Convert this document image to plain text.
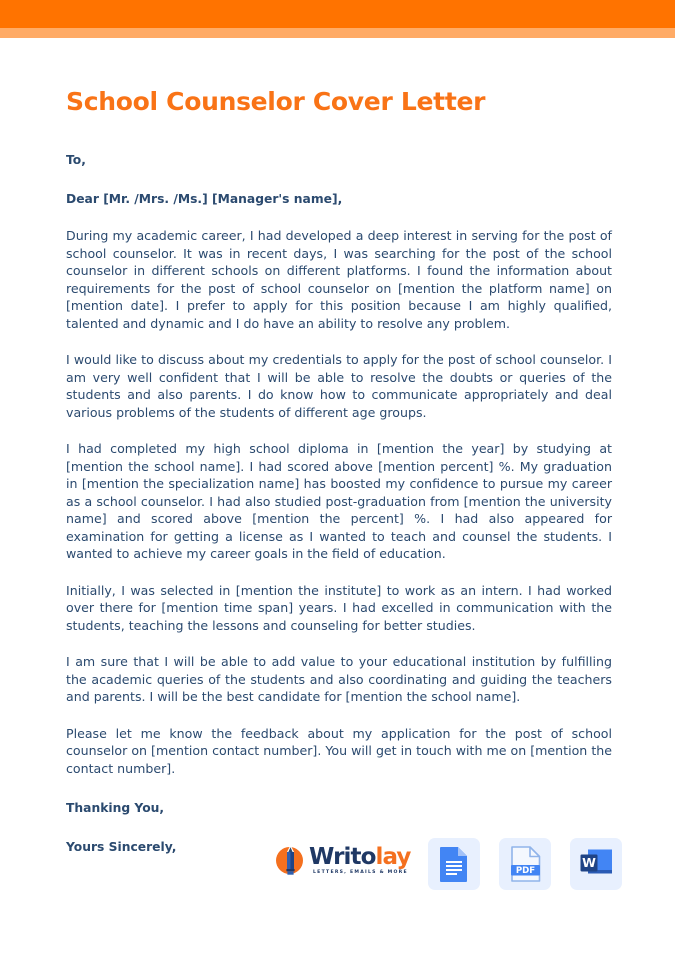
School Counselor Cover Letter
To,
Dear [Mr. /Mrs. /Ms.] [Manager's name],
During my academic career, I had developed a deep interest in serving for the post of school counselor. It was in recent days, I was searching for the post of the school counselor in different schools on different platforms. I found the information about requirements for the post of school counselor on [mention the platform name] on [mention date]. I prefer to apply for this position because I am highly qualified, talented and dynamic and I do have an ability to resolve any problem.
I would like to discuss about my credentials to apply for the post of school counselor. I am very well confident that I will be able to resolve the doubts or queries of the students and also parents. I do know how to communicate appropriately and deal various problems of the students of different age groups.
I had completed my high school diploma in [mention the year] by studying at [mention the school name]. I had scored above [mention percent] %. My graduation in [mention the specialization name] has boosted my confidence to pursue my career as a school counselor. I had also studied post-graduation from [mention the university name] and scored above [mention the percent] %. I had also appeared for examination for getting a license as I wanted to teach and counsel the students. I wanted to achieve my career goals in the field of education.
Initially, I was selected in [mention the institute] to work as an intern. I had worked over there for [mention time span] years. I had excelled in communication with the students, teaching the lessons and counseling for better studies.
I am sure that I will be able to add value to your educational institution by fulfilling the academic queries of the students and also coordinating and guiding the teachers and parents. I will be the best candidate for [mention the school name].
Please let me know the feedback about my application for the post of school counselor on [mention contact number]. You will get in touch with me on [mention the contact number].
Thanking You,
Yours Sincerely,	Writolay
LETTERS, EMAILS & MORE	PDF
W
